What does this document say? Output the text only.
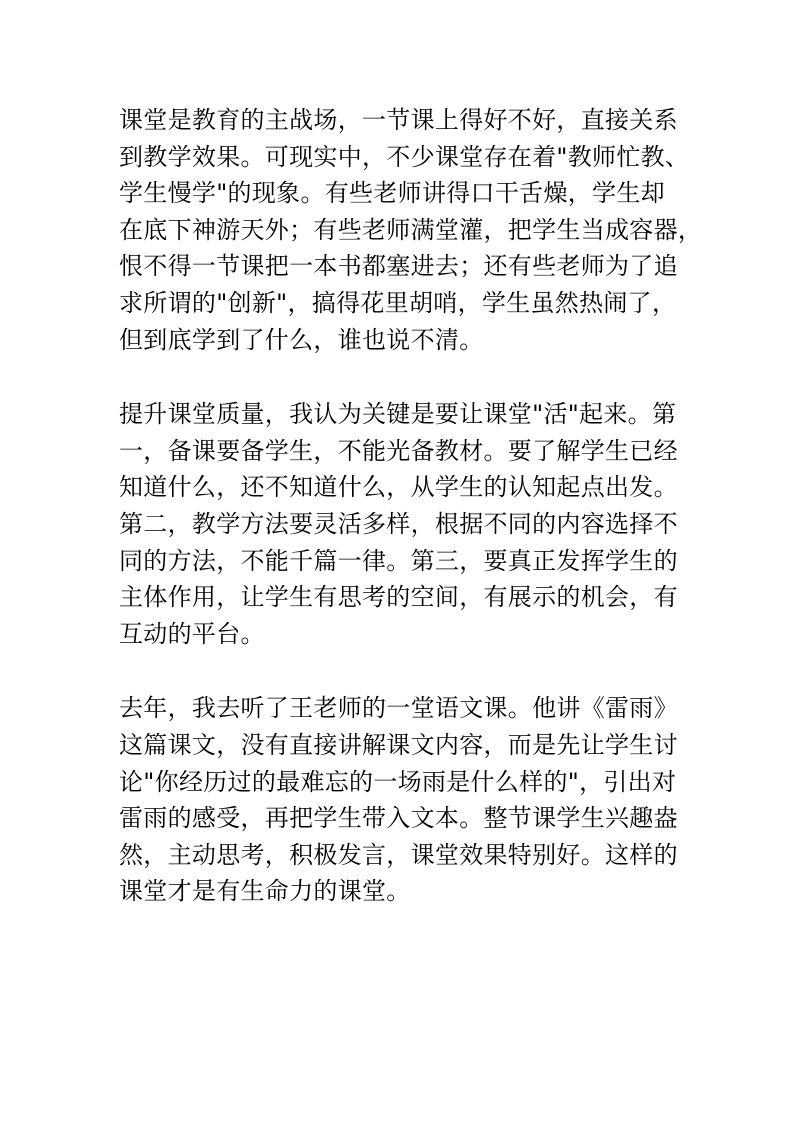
课堂是教育的主战场，一节课上得好不好，直接关系
到教学效果。可现实中，不少课堂存在着"教师忙教、
学生慢学"的现象。有些老师讲得口干舌燥，学生却
在底下神游天外；有些老师满堂灌，把学生当成容器，
恨不得一节课把一本书都塞进去；还有些老师为了追
求所谓的"创新"，搞得花里胡哨，学生虽然热闹了，
但到底学到了什么，谁也说不清。

提升课堂质量，我认为关键是要让课堂"活"起来。第
一，备课要备学生，不能光备教材。要了解学生已经
知道什么，还不知道什么，从学生的认知起点出发。
第二，教学方法要灵活多样，根据不同的内容选择不
同的方法，不能千篇一律。第三，要真正发挥学生的
主体作用，让学生有思考的空间，有展示的机会，有
互动的平台。

去年，我去听了王老师的一堂语文课。他讲《雷雨》
这篇课文，没有直接讲解课文内容，而是先让学生讨
论"你经历过的最难忘的一场雨是什么样的"，引出对
雷雨的感受，再把学生带入文本。整节课学生兴趣盎
然，主动思考，积极发言，课堂效果特别好。这样的
课堂才是有生命力的课堂。
